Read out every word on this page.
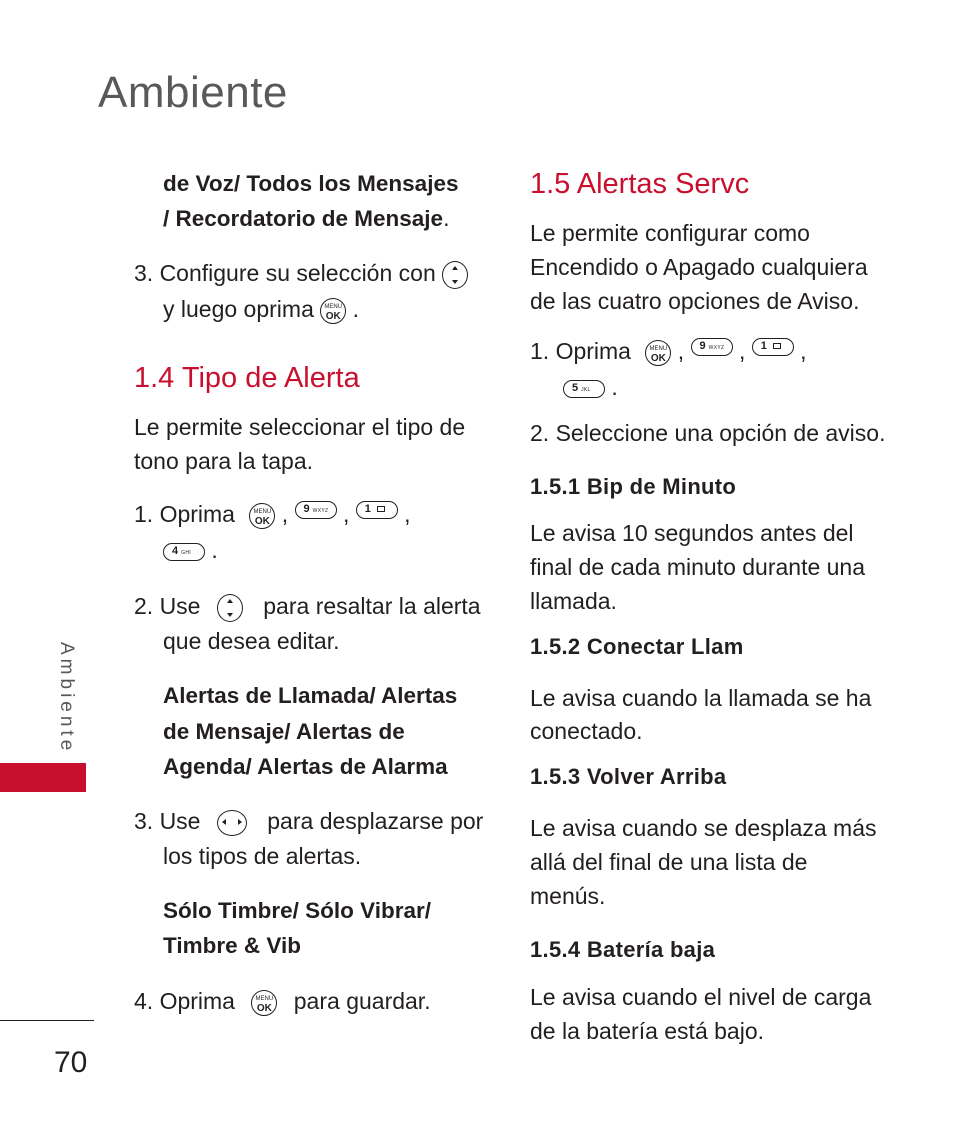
Ambiente
Ambiente
70
de Voz/ Todos los Mensajes
/ Recordatorio de Mensaje.
3. Configure su selección con
y luego oprima	MENU
OK .
1.4 Tipo de Alerta
Le permite seleccionar el tipo de
tono para la tapa.
1. Oprima	MENU
OK , 9 WXYZ , 1 ,
4 GHI .
2. Use	para resaltar la alerta
que desea editar.
Alertas de Llamada/ Alertas
de Mensaje/ Alertas de
Agenda/ Alertas de Alarma
3. Use	para desplazarse por
los tipos de alertas.
Sólo Timbre/ Sólo Vibrar/
Timbre & Vib
4. Oprima	MENU
OK para guardar.
1.5 Alertas Servc
Le permite configurar como
Encendido o Apagado cualquiera
de las cuatro opciones de Aviso.
1. Oprima	MENU
OK , 9 WXYZ , 1 ,
5 JKL .
2. Seleccione una opción de aviso.
1.5.1 Bip de Minuto
Le avisa 10 segundos antes del
final de cada minuto durante una
llamada.
1.5.2 Conectar Llam
Le avisa cuando la llamada se ha
conectado.
1.5.3 Volver Arriba
Le avisa cuando se desplaza más
allá del final de una lista de
menús.
1.5.4 Batería baja
Le avisa cuando el nivel de carga
de la batería está bajo.
